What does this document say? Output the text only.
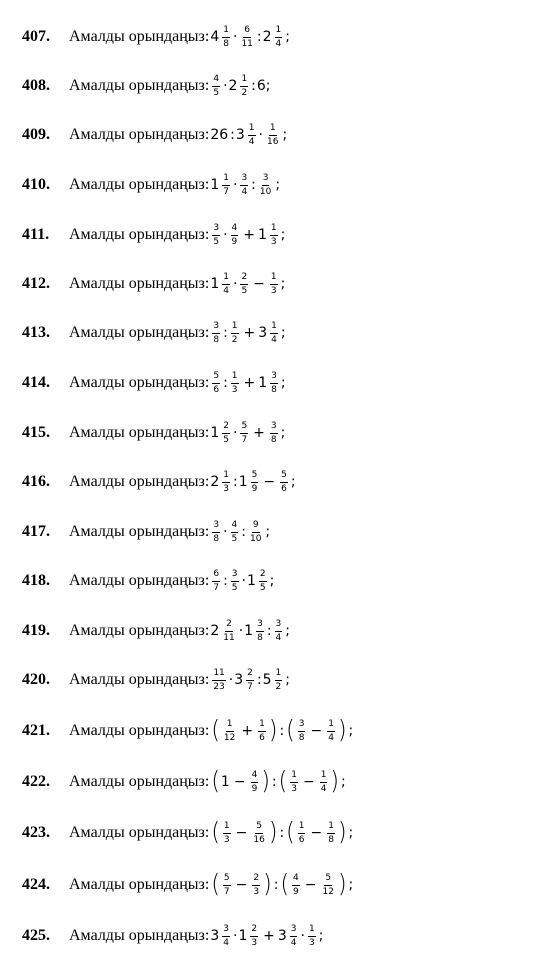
407.	Амалды орындаңыз: $4 \frac{1}{8} \cdot \frac{6}{11}$ : $2 \frac{1}{4}$ ;
408.	Амалды орындаңыз: $\frac{4}{5} \cdot 2 \frac{1}{2}$ : 6;
409.	Амалды орындаңыз: 26 : $3 \frac{1}{4} \cdot \frac{1}{16}$ ;
410.	Амалды орындаңыз: $1 \frac{1}{7} \cdot \frac{3}{4}$ : $\frac{3}{10}$ ;
411.	Амалды орындаңыз: $\frac{3}{5} \cdot \frac{4}{9} + 1 \frac{1}{3}$ ;
412.	Амалды орындаңыз: $1 \frac{1}{4} \cdot \frac{2}{5} - \frac{1}{3}$ ;
413.	Амалды орындаңыз: $\frac{3}{8}$ : $\frac{1}{2} + 3 \frac{1}{4}$ ;
414.	Амалды орындаңыз: $\frac{5}{6}$ : $\frac{1}{3} + 1 \frac{3}{8}$ ;
415.	Амалды орындаңыз: $1 \frac{2}{5} \cdot \frac{5}{7} + \frac{3}{8}$ ;
416.	Амалды орындаңыз: $2 \frac{1}{3}$ : $1 \frac{5}{9} - \frac{5}{6}$ ;
417.	Амалды орындаңыз: $\frac{3}{8} \cdot \frac{4}{5}$ : $\frac{9}{10}$ ;
418.	Амалды орындаңыз: $\frac{6}{7}$ : $\frac{3}{5} \cdot 1 \frac{2}{5}$ ;
419.	Амалды орындаңыз: $2 \frac{2}{11} \cdot 1 \frac{3}{8}$ : $\frac{3}{4}$ ;
420.	Амалды орындаңыз: $\frac{11}{23} \cdot 3 \frac{2}{7}$ : $5 \frac{1}{2}$ ;
421.	Амалды орындаңыз: ( $\frac{1}{12} + \frac{1}{6}$ ) : ( $\frac{3}{8} - \frac{1}{4}$ ) ;
422.	Амалды орындаңыз: ( $1 - \frac{4}{9}$ ) : ( $\frac{1}{3} - \frac{1}{4}$ ) ;
423.	Амалды орындаңыз: ( $\frac{1}{3} - \frac{5}{16}$ ) : ( $\frac{1}{6} - \frac{1}{8}$ ) ;
424.	Амалды орындаңыз: ( $\frac{5}{7} - \frac{2}{3}$ ) : ( $\frac{4}{9} - \frac{5}{12}$ ) ;
425.	Амалды орындаңыз: $3 \frac{3}{4} \cdot 1 \frac{2}{3} + 3 \frac{3}{4} \cdot \frac{1}{3}$ ;
